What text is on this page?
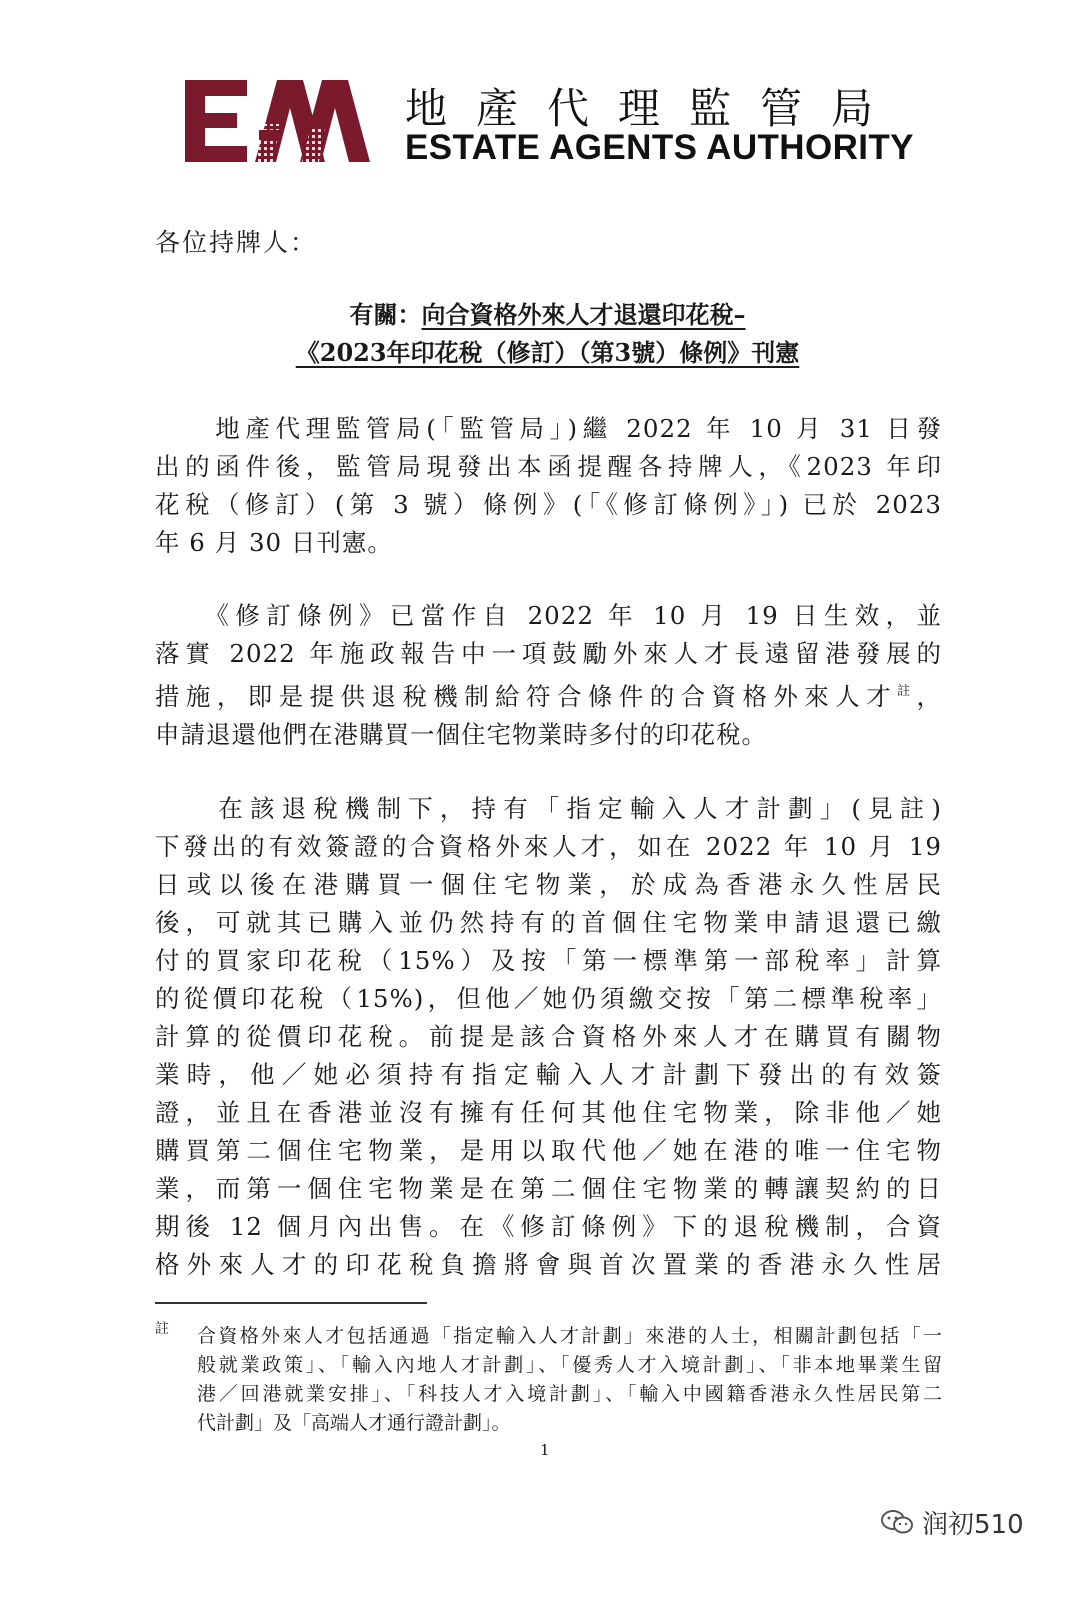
地產代理監管局
ESTATE AGENTS AUTHORITY
各位持牌人：
有關：向合資格外來人才退還印花稅–
《2023年印花稅（修訂）（第3號）條例》刊憲
　　地產代理監管局(「監管局」)繼 2022 年 10 月 31 日發
出的函件後，監管局現發出本函提醒各持牌人，《2023 年印
花稅（修訂）(第 3 號）條例》(「《修訂條例》」) 已於 2023
年 6 月 30 日刊憲。
　　《修訂條例》已當作自 2022 年 10 月 19 日生效，並
落實 2022 年施政報告中一項鼓勵外來人才長遠留港發展的
措施，即是提供退稅機制給符合條件的合資格外來人才$^註$，
申請退還他們在港購買一個住宅物業時多付的印花稅。
　　在該退稅機制下，持有「指定輸入人才計劃」(見註)
下發出的有效簽證的合資格外來人才，如在 2022 年 10 月 19
日或以後在港購買一個住宅物業，於成為香港永久性居民
後，可就其已購入並仍然持有的首個住宅物業申請退還已繳
付的買家印花稅（15%）及按「第一標準第一部稅率」計算
的從價印花稅（15%)，但他／她仍須繳交按「第二標準稅率」
計算的從價印花稅。前提是該合資格外來人才在購買有關物
業時，他／她必須持有指定輸入人才計劃下發出的有效簽
證，並且在香港並沒有擁有任何其他住宅物業，除非他／她
購買第二個住宅物業，是用以取代他／她在港的唯一住宅物
業，而第一個住宅物業是在第二個住宅物業的轉讓契約的日
期後 12 個月內出售。在《修訂條例》下的退稅機制，合資
格外來人才的印花稅負擔將會與首次置業的香港永久性居
註 合資格外來人才包括通過「指定輸入人才計劃」來港的人士，相關計劃包括「一
般就業政策」、「輸入內地人才計劃」、「優秀人才入境計劃」、「非本地畢業生留
港／回港就業安排」、「科技人才入境計劃」、「輸入中國籍香港永久性居民第二
代計劃」及「高端人才通行證計劃」。
1
润初510
